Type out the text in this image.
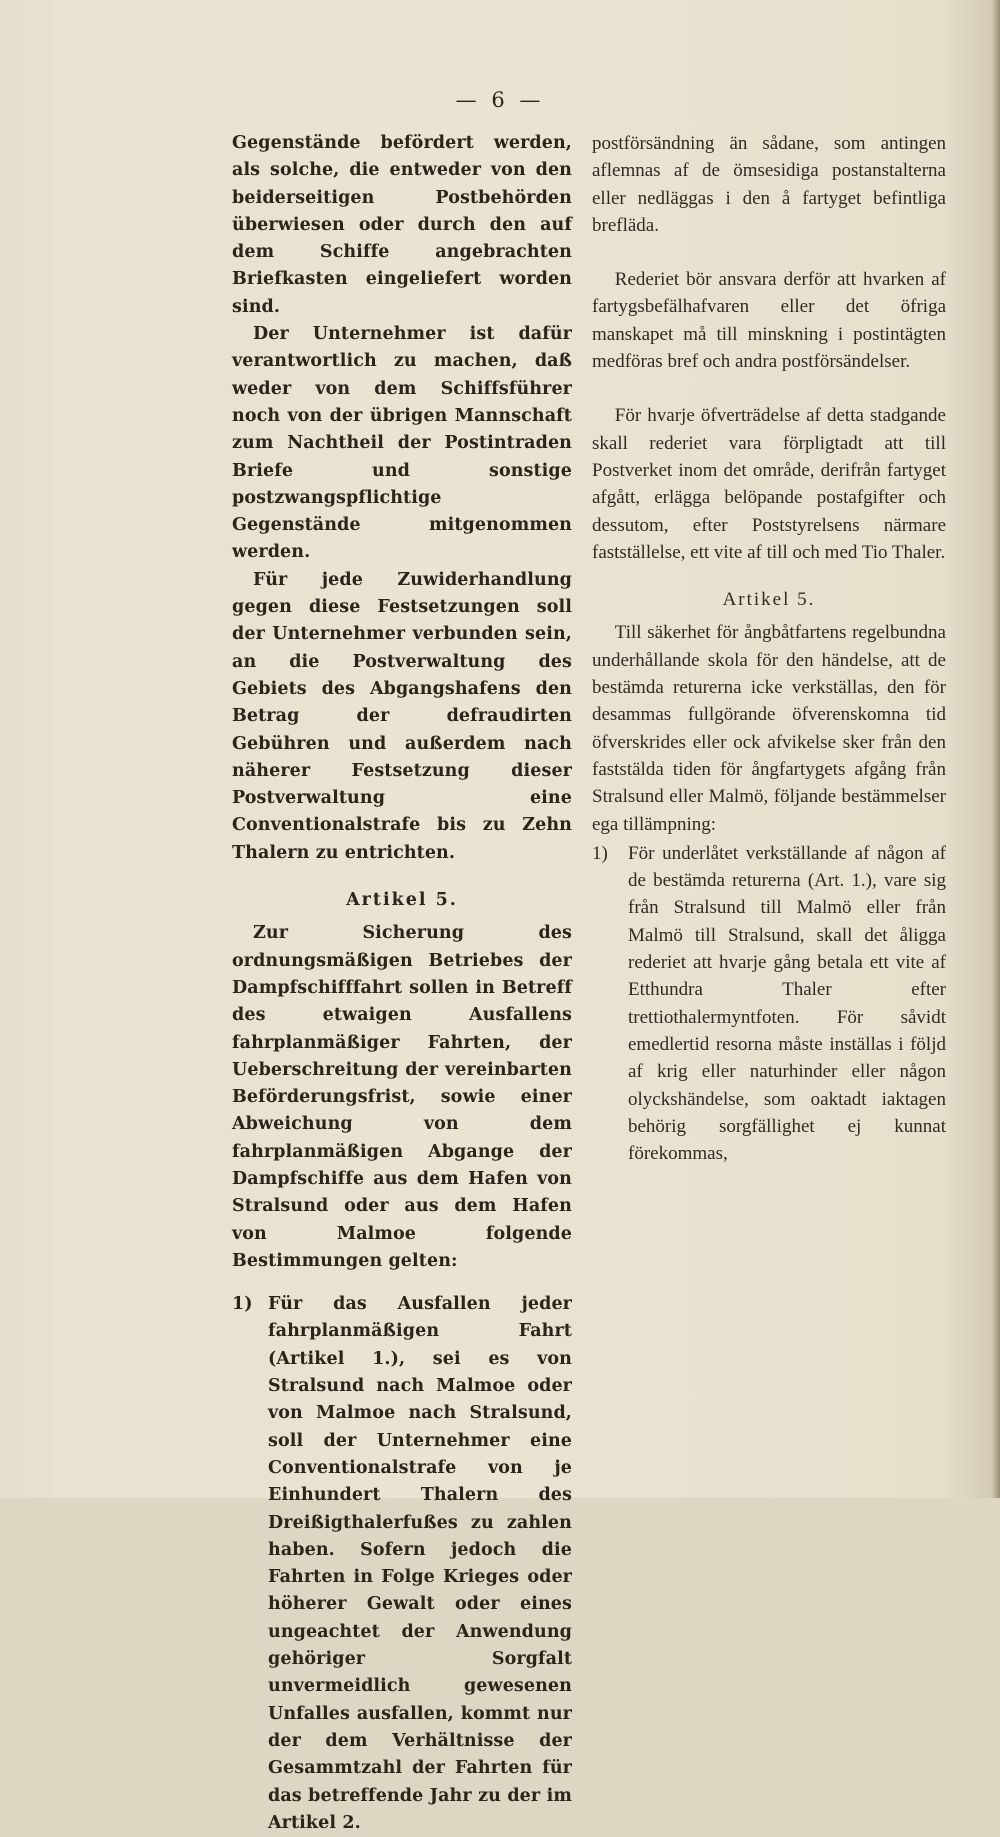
— 6 —

Gegenstände befördert werden, als solche, die entweder von den beiderseitigen Postbehörden überwiesen oder durch den auf dem Schiffe angebrachten Briefkasten eingeliefert worden sind.

Der Unternehmer ist dafür verantwortlich zu machen, daß weder von dem Schiffsführer noch von der übrigen Mannschaft zum Nachtheil der Postintraden Briefe und sonstige postzwangspflichtige Gegenstände mitgenommen werden.

Für jede Zuwiderhandlung gegen diese Festsetzungen soll der Unternehmer verbunden sein, an die Postverwaltung des Gebiets des Abgangshafens den Betrag der defraudirten Gebühren und außerdem nach näherer Festsetzung dieser Postverwaltung eine Conventionalstrafe bis zu Zehn Thalern zu entrichten.

Artikel 5.

Zur Sicherung des ordnungsmäßigen Betriebes der Dampfschifffahrt sollen in Betreff des etwaigen Ausfallens fahrplanmäßiger Fahrten, der Ueberschreitung der vereinbarten Beförderungsfrist, sowie einer Abweichung von dem fahrplanmäßigen Abgange der Dampfschiffe aus dem Hafen von Stralsund oder aus dem Hafen von Malmoe folgende Bestimmungen gelten:

1) Für das Ausfallen jeder fahrplanmäßigen Fahrt (Artikel 1.), sei es von Stralsund nach Malmoe oder von Malmoe nach Stralsund, soll der Unternehmer eine Conventionalstrafe von je Einhundert Thalern des Dreißigthalerfußes zu zahlen haben. Sofern jedoch die Fahrten in Folge Krieges oder höherer Gewalt oder eines ungeachtet der Anwendung gehöriger Sorgfalt unvermeidlich gewesenen Unfalles ausfallen, kommt nur der dem Verhältnisse der Gesammtzahl der Fahrten für das betreffende Jahr zu der im Artikel 2.

postförsändning än sådane, som antingen aflemnas af de ömsesidiga postanstalterna eller nedläggas i den å fartyget befintliga brefläda.

Rederiet bör ansvara derför att hvarken af fartygsbefälhafvaren eller det öfriga manskapet må till minskning i postintägten medföras bref och andra postförsändelser.

För hvarje öfverträdelse af detta stadgande skall rederiet vara förpligtadt att till Postverket inom det område, derifrån fartyget afgått, erlägga belöpande postafgifter och dessutom, efter Poststyrelsens närmare fastställelse, ett vite af till och med Tio Thaler.

Artikel 5.

Till säkerhet för ångbåtfartens regelbundna underhållande skola för den händelse, att de bestämda returerna icke verkställas, den för desammas fullgörande öfverenskomna tid öfverskrides eller ock afvikelse sker från den faststälda tiden för ångfartygets afgång från Stralsund eller Malmö, följande bestämmelser ega tillämpning:

1)	För underlåtet verkställande af någon af de bestämda returerna (Art. 1.), vare sig från Stralsund till Malmö eller från Malmö till Stralsund, skall det åligga rederiet att hvarje gång betala ett vite af Etthundra Thaler efter trettiothalermyntfoten. För såvidt emedlertid resorna måste inställas i följd af krig eller naturhinder eller någon olyckshändelse, som oaktadt iaktagen behörig sorgfällighet ej kunnat förekommas,
